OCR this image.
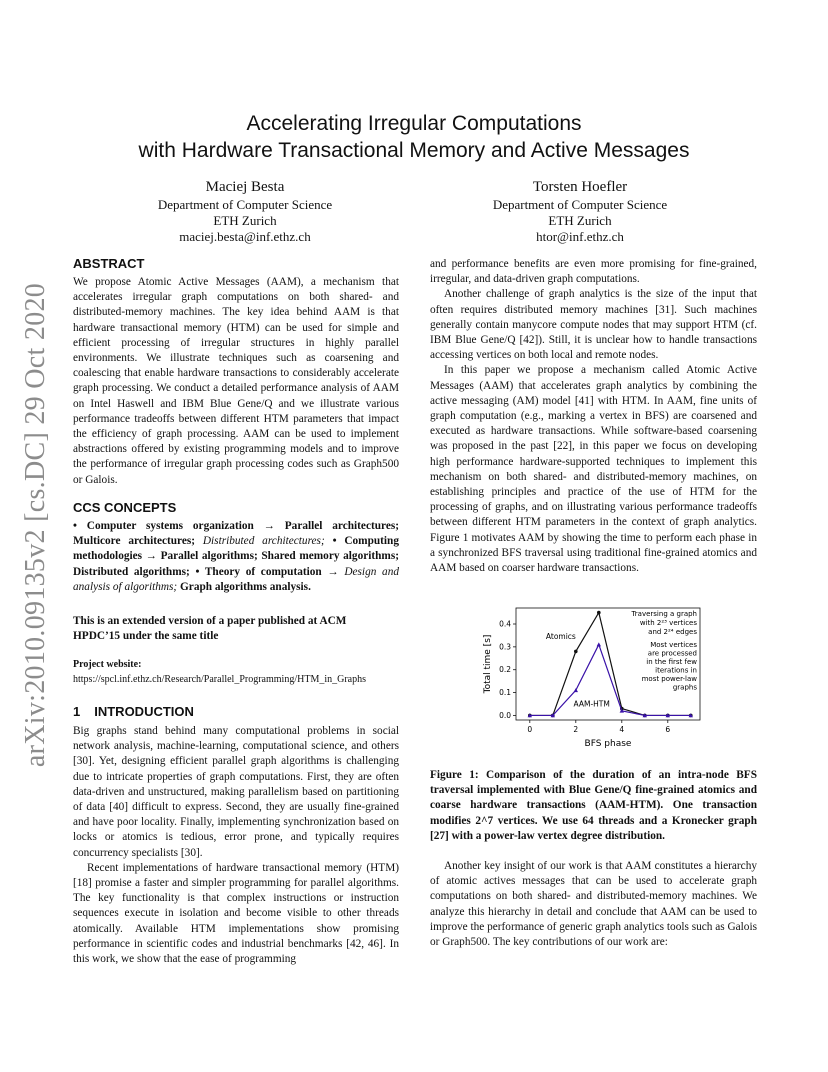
arXiv:2010.09135v2 [cs.DC] 29 Oct 2020
Accelerating Irregular Computations
with Hardware Transactional Memory and Active Messages
Maciej Besta
Department of Computer Science
ETH Zurich
maciej.besta@inf.ethz.ch
Torsten Hoefler
Department of Computer Science
ETH Zurich
htor@inf.ethz.ch
ABSTRACT

We propose Atomic Active Messages (AAM), a mechanism that accelerates irregular graph computations on both shared- and distributed-memory machines. The key idea behind AAM is that hardware transactional memory (HTM) can be used for simple and efficient processing of irregular structures in highly parallel environments. We illustrate techniques such as coarsening and coalescing that enable hardware transactions to considerably accelerate graph processing. We conduct a detailed performance analysis of AAM on Intel Haswell and IBM Blue Gene/Q and we illustrate various performance tradeoffs between different HTM parameters that impact the efficiency of graph processing. AAM can be used to implement abstractions offered by existing programming models and to improve the performance of irregular graph processing codes such as Graph500 or Galois.

CCS CONCEPTS
• Computer systems organization → Parallel architectures; Multicore architectures; Distributed architectures; • Computing methodologies → Parallel algorithms; Shared memory algorithms; Distributed algorithms; • Theory of computation → Design and analysis of algorithms; Graph algorithms analysis.
This is an extended version of a paper published at ACM HPDC’15 under the same title
Project website:
https://spcl.inf.ethz.ch/Research/Parallel_Programming/HTM_in_Graphs
1 INTRODUCTION

Big graphs stand behind many computational problems in social network analysis, machine-learning, computational science, and others [30]. Yet, designing efficient parallel graph algorithms is challenging due to intricate properties of graph computations. First, they are often data-driven and unstructured, making parallelism based on partitioning of data [40] difficult to express. Second, they are usually fine-grained and have poor locality. Finally, implementing synchronization based on locks or atomics is tedious, error prone, and typically requires concurrency specialists [30].

Recent implementations of hardware transactional memory (HTM) [18] promise a faster and simpler programming for parallel algorithms. The key functionality is that complex instructions or instruction sequences execute in isolation and become visible to other threads atomically. Available HTM implementations show promising performance in scientific codes and industrial benchmarks [42, 46]. In this work, we show that the ease of programming

and performance benefits are even more promising for fine-grained, irregular, and data-driven graph computations.

Another challenge of graph analytics is the size of the input that often requires distributed memory machines [31]. Such machines generally contain manycore compute nodes that may support HTM (cf. IBM Blue Gene/Q [42]). Still, it is unclear how to handle transactions accessing vertices on both local and remote nodes.

In this paper we propose a mechanism called Atomic Active Messages (AAM) that accelerates graph analytics by combining the active messaging (AM) model [41] with HTM. In AAM, fine units of graph computation (e.g., marking a vertex in BFS) are coarsened and executed as hardware transactions. While software-based coarsening was proposed in the past [22], in this paper we focus on developing high performance hardware-supported techniques to implement this mechanism on both shared- and distributed-memory machines, on establishing principles and practice of the use of HTM for the processing of graphs, and on illustrating various performance tradeoffs between different HTM parameters in the context of graph analytics. Figure 1 motivates AAM by showing the time to perform each phase in a synchronized BFS traversal using traditional fine-grained atomics and AAM based on coarser hardware transactions.

0	2	4	6
0.0
0.1
0.2
0.3
0.4
BFS phase
Total time [s]	Atomics
AAM-HTM
Traversing a graph
with 2²³ vertices
and 2²⁴ edges
Most vertices
are processed
in the first few
iterations in
most power-law
graphs
Figure 1: Comparison of the duration of an intra-node BFS traversal implemented with Blue Gene/Q fine-grained atomics and coarse hardware transactions (AAM-HTM). One transaction modifies 2^7 vertices. We use 64 threads and a Kronecker graph [27] with a power-law vertex degree distribution.

Another key insight of our work is that AAM constitutes a hierarchy of atomic actives messages that can be used to accelerate graph computations on both shared- and distributed-memory machines. We analyze this hierarchy in detail and conclude that AAM can be used to improve the performance of generic graph analytics tools such as Galois or Graph500. The key contributions of our work are:
